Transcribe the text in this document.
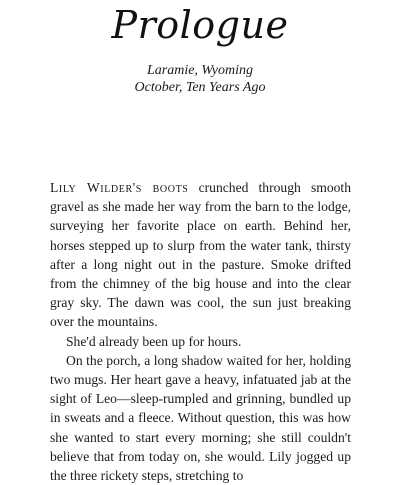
Prologue
Laramie, Wyoming
October, Ten Years Ago

Lily Wilder's boots crunched through smooth gravel as she made her way from the barn to the lodge, surveying her favorite place on earth. Behind her, horses stepped up to slurp from the water tank, thirsty after a long night out in the pasture. Smoke drifted from the chimney of the big house and into the clear gray sky. The dawn was cool, the sun just breaking over the mountains.

She'd already been up for hours.

On the porch, a long shadow waited for her, holding two mugs. Her heart gave a heavy, infatuated jab at the sight of Leo—sleep-rumpled and grinning, bundled up in sweats and a fleece. Without question, this was how she wanted to start every morning; she still couldn't believe that from today on, she would. Lily jogged up the three rickety steps, stretching to
